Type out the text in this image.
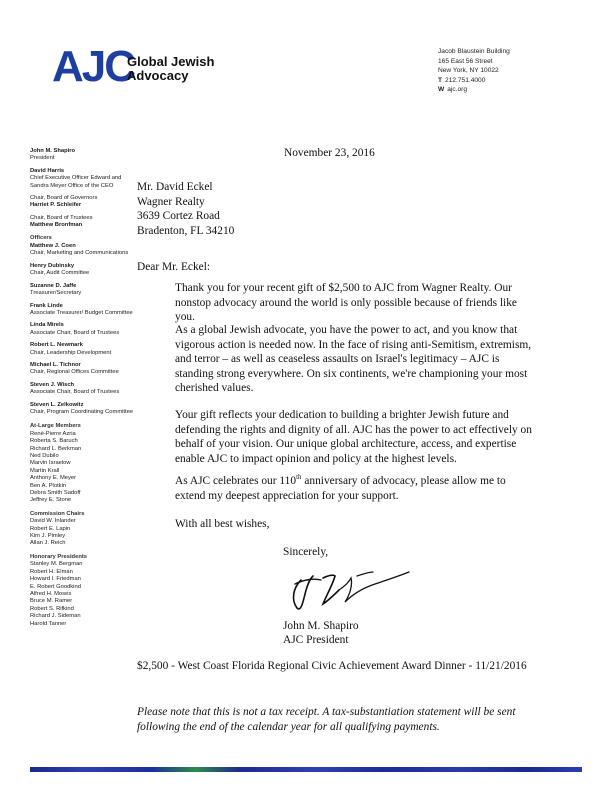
AJC
Global Jewish
Advocacy
Jacob Blaustein Building
165 East 56 Street
New York, NY 10022
T 212.751.4000
W ajc.org
John M. Shapiro
President
David Harris
Chief Executive Officer Edward and Sandra Meyer Office of the CEO
Chair, Board of Governors
Harriet P. Schleifer
Chair, Board of Trustees
Matthew Bronfman
Officers
Matthew J. Coen
Chair, Marketing and Communications
Henry Dubinsky
Chair, Audit Committee
Suzanne D. Jaffe
Treasurer/Secretary
Frank Linde
Associate Treasurer/ Budget Committee
Linda Mirels
Associate Chair, Board of Trustees
Robert L. Newmark
Chair, Leadership Development
Michael L. Tichnor
Chair, Regional Offices Committee
Steven J. Wisch
Associate Chair, Board of Trustees
Steven L. Zelkowitz
Chair, Program Coordinating Committee
At-Large Members
René-Pierre Azria
Roberta S. Baruch
Richard L. Berkman
Ned Dubilo
Marvin Israelow
Martin Krall
Anthony E. Meyer
Ben A. Plotkin
Debra Smith Sadoff
Jeffrey E. Stone
Commission Chairs
David W. Inlander
Robert E. Lapin
Kim J. Pimley
Allan J. Reich
Honorary Presidents
Stanley M. Bergman
Robert H. Elman
Howard I. Friedman
E. Robert Goodkind
Alfred H. Moses
Bruce M. Ramer
Robert S. Rifkind
Richard J. Sideman
Harold Tanner
November 23, 2016
Mr. David Eckel
Wagner Realty
3639 Cortez Road
Bradenton, FL 34210
Dear Mr. Eckel:
Thank you for your recent gift of $2,500 to AJC from Wagner Realty. Our nonstop advocacy around the world is only possible because of friends like you.
As a global Jewish advocate, you have the power to act, and you know that vigorous action is needed now. In the face of rising anti-Semitism, extremism, and terror – as well as ceaseless assaults on Israel's legitimacy – AJC is standing strong everywhere. On six continents, we're championing your most cherished values.
Your gift reflects your dedication to building a brighter Jewish future and defending the rights and dignity of all. AJC has the power to act effectively on behalf of your vision. Our unique global architecture, access, and expertise enable AJC to impact opinion and policy at the highest levels.
As AJC celebrates our 110th anniversary of advocacy, please allow me to extend my deepest appreciation for your support.
With all best wishes,
Sincerely,
John M. Shapiro
AJC President
$2,500 - West Coast Florida Regional Civic Achievement Award Dinner - 11/21/2016
Please note that this is not a tax receipt. A tax-substantiation statement will be sent following the end of the calendar year for all qualifying payments.
